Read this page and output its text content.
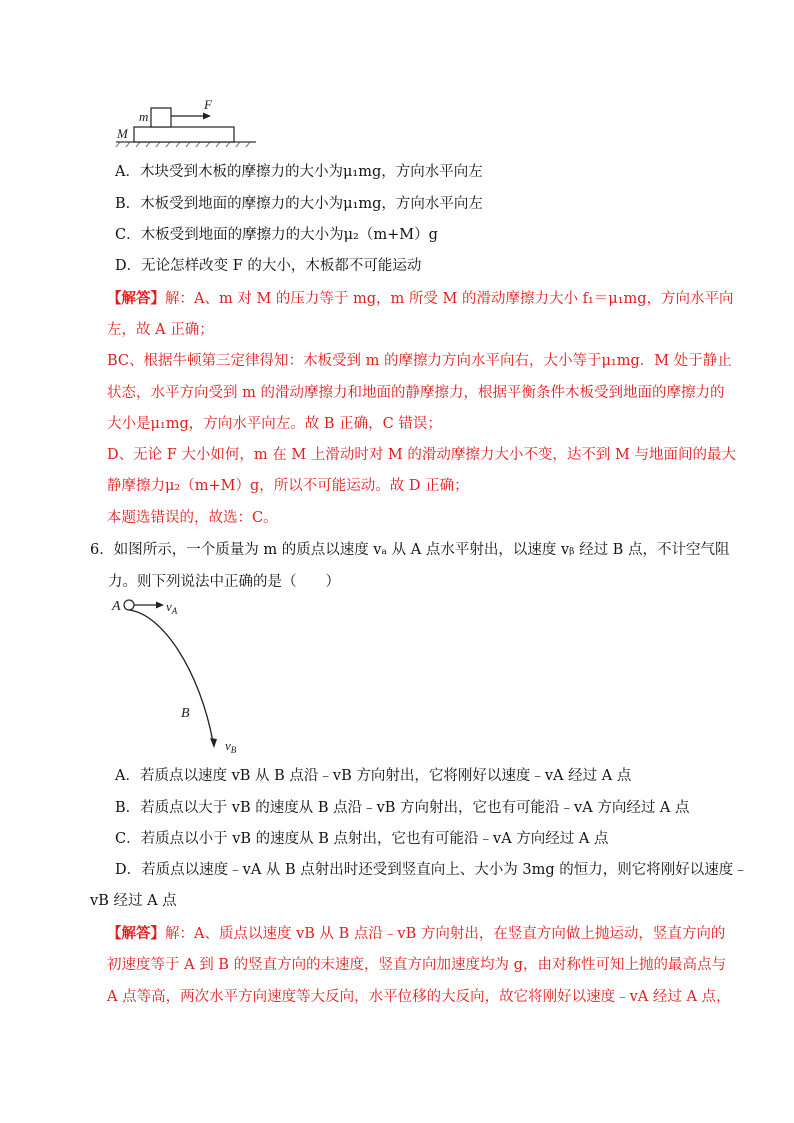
m
F
M
A．木块受到木板的摩擦力的大小为μ₁mg，方向水平向左
B．木板受到地面的摩擦力的大小为μ₁mg，方向水平向左
C．木板受到地面的摩擦力的大小为μ₂（m+M）g
D．无论怎样改变 F 的大小，木板都不可能运动
【解答】解：A、m 对 M 的压力等于 mg，m 所受 M 的滑动摩擦力大小 f₁＝μ₁mg，方向水平向
左，故 A 正确；
BC、根据牛顿第三定律得知：木板受到 m 的摩擦力方向水平向右，大小等于μ₁mg．M 处于静止
状态，水平方向受到 m 的滑动摩擦力和地面的静摩擦力，根据平衡条件木板受到地面的摩擦力的
大小是μ₁mg，方向水平向左。故 B 正确，C 错误；
D、无论 F 大小如何，m 在 M 上滑动时对 M 的滑动摩擦力大小不变，达不到 M 与地面间的最大
静摩擦力μ₂（m+M）g，所以不可能运动。故 D 正确；
本题选错误的，故选：C。
6．如图所示，一个质量为 m 的质点以速度 vₐ 从 A 点水平射出，以速度 vᵦ 经过 B 点，不计空气阻
力。则下列说法中正确的是（　　）
A	$v_A$
B
$v_B$
A．若质点以速度 vB 从 B 点沿﹣vB 方向射出，它将刚好以速度﹣vA 经过 A 点
B．若质点以大于 vB 的速度从 B 点沿﹣vB 方向射出，它也有可能沿﹣vA 方向经过 A 点
C．若质点以小于 vB 的速度从 B 点射出，它也有可能沿﹣vA 方向经过 A 点
D．若质点以速度﹣vA 从 B 点射出时还受到竖直向上、大小为 3mg 的恒力，则它将刚好以速度﹣
vB 经过 A 点
【解答】解：A、质点以速度 vB 从 B 点沿﹣vB 方向射出，在竖直方向做上抛运动，竖直方向的
初速度等于 A 到 B 的竖直方向的末速度，竖直方向加速度均为 g，由对称性可知上抛的最高点与
A 点等高，两次水平方向速度等大反向，水平位移的大反向，故它将刚好以速度﹣vA 经过 A 点，
